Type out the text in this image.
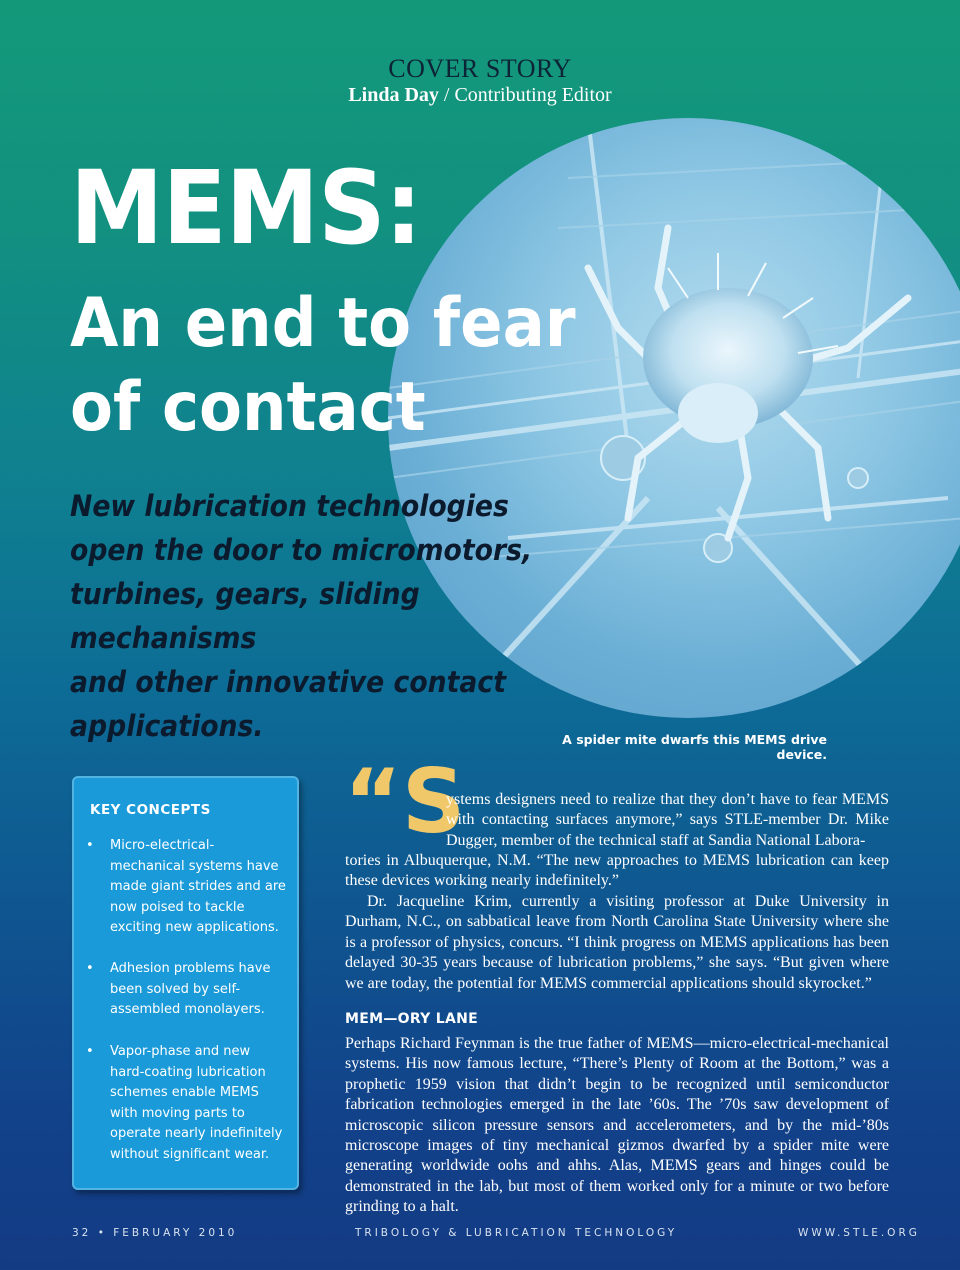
COVER STORY
Linda Day / Contributing Editor
MEMS:
An end to fear
of contact
New lubrication technologies
open the door to micromotors,
turbines, gears, sliding mechanisms
and other innovative contact
applications.	A spider mite dwarfs this MEMS drive device.
KEY CONCEPTS
• Micro-electrical-mechanical systems have made giant strides and are now poised to tackle exciting new applications.
• Adhesion problems have been solved by self-assembled monolayers.
• Vapor-phase and new hard-coating lubrication schemes enable MEMS with moving parts to operate nearly indefinitely without significant wear.
“S
ystems designers need to realize that they don’t have to fear MEMS with contacting surfaces anymore,” says STLE-member Dr. Mike Dugger, member of the technical staff at Sandia National Labora-
tories in Albuquerque, N.M. “The new approaches to MEMS lubrication can keep these devices working nearly indefinitely.”
Dr. Jacqueline Krim, currently a visiting professor at Duke University in Durham, N.C., on sabbatical leave from North Carolina State University where she is a professor of physics, concurs. “I think progress on MEMS applications has been delayed 30-35 years because of lubrication problems,” she says. “But given where we are today, the potential for MEMS commercial applications should skyrocket.”
MEM—ORY LANE
Perhaps Richard Feynman is the true father of MEMS—micro-electrical-mechanical systems. His now famous lecture, “There’s Plenty of Room at the Bottom,” was a prophetic 1959 vision that didn’t begin to be recognized until semiconductor fabrication technologies emerged in the late ’60s. The ’70s saw development of microscopic silicon pressure sensors and accelerometers, and by the mid-’80s microscope images of tiny mechanical gizmos dwarfed by a spider mite were generating worldwide oohs and ahhs. Alas, MEMS gears and hinges could be demonstrated in the lab, but most of them worked only for a minute or two before grinding to a halt.
32 • FEBRUARY 2010	TRIBOLOGY & LUBRICATION TECHNOLOGY	WWW.STLE.ORG
